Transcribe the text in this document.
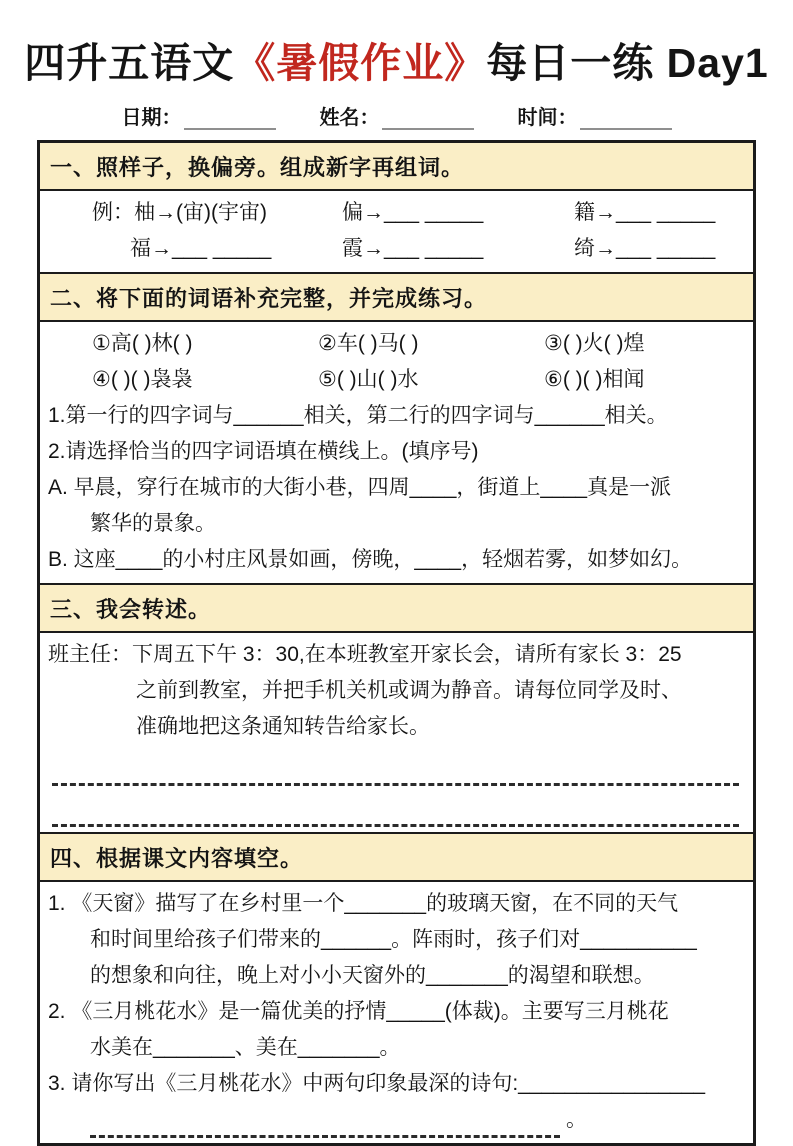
四升五语文《暑假作业》每日一练 Day1
日期：	姓名：	时间：
一、照样子，换偏旁。组成新字再组词。
例：柚→(宙)(宇宙)	偏→___ _____	籍→___ _____
福→___ _____	霞→___ _____	绮→___ _____
二、将下面的词语补充完整，并完成练习。
①高( )林( )	②车( )马( )	③( )火( )煌
④( )( )袅袅	⑤( )山( )水	⑥( )( )相闻
1.第一行的四字词与______相关，第二行的四字词与______相关。
2.请选择恰当的四字词语填在横线上。(填序号)
A. 早晨，穿行在城市的大街小巷，四周____，街道上____真是一派
繁华的景象。
B. 这座____的小村庄风景如画，傍晚，____，轻烟若雾，如梦如幻。
三、我会转述。
班主任：下周五下午 3：30,在本班教室开家长会，请所有家长 3：25
之前到教室，并把手机关机或调为静音。请每位同学及时、
准确地把这条通知转告给家长。
四、根据课文内容填空。
1. 《天窗》描写了在乡村里一个_______的玻璃天窗，在不同的天气
和时间里给孩子们带来的______。阵雨时，孩子们对__________
的想象和向往，晚上对小小天窗外的_______的渴望和联想。
2. 《三月桃花水》是一篇优美的抒情_____(体裁)。主要写三月桃花
水美在_______、美在_______。
3. 请你写出《三月桃花水》中两句印象最深的诗句:________________
。
